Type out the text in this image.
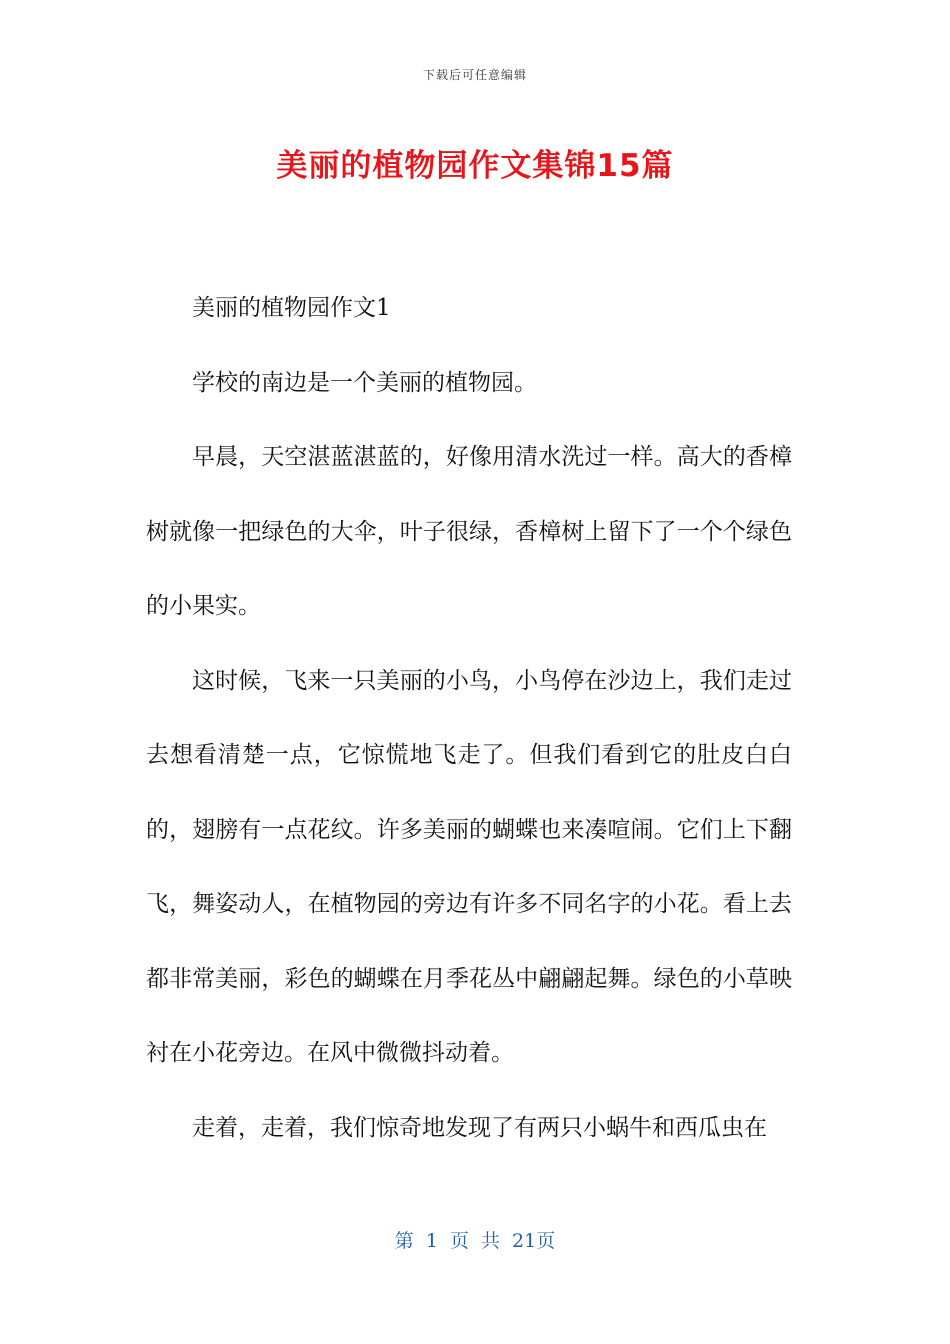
下载后可任意编辑
美丽的植物园作文集锦15篇

美丽的植物园作文1

学校的南边是一个美丽的植物园。

早晨，天空湛蓝湛蓝的，好像用清水洗过一样。高大的香樟树就像一把绿色的大伞，叶子很绿，香樟树上留下了一个个绿色的小果实。

这时候，飞来一只美丽的小鸟，小鸟停在沙边上，我们走过去想看清楚一点，它惊慌地飞走了。但我们看到它的肚皮白白的，翅膀有一点花纹。许多美丽的蝴蝶也来凑喧闹。它们上下翻飞，舞姿动人，在植物园的旁边有许多不同名字的小花。看上去都非常美丽，彩色的蝴蝶在月季花丛中翩翩起舞。绿色的小草映衬在小花旁边。在风中微微抖动着。

走着，走着，我们惊奇地发现了有两只小蜗牛和西瓜虫在

第 1 页 共 21页
